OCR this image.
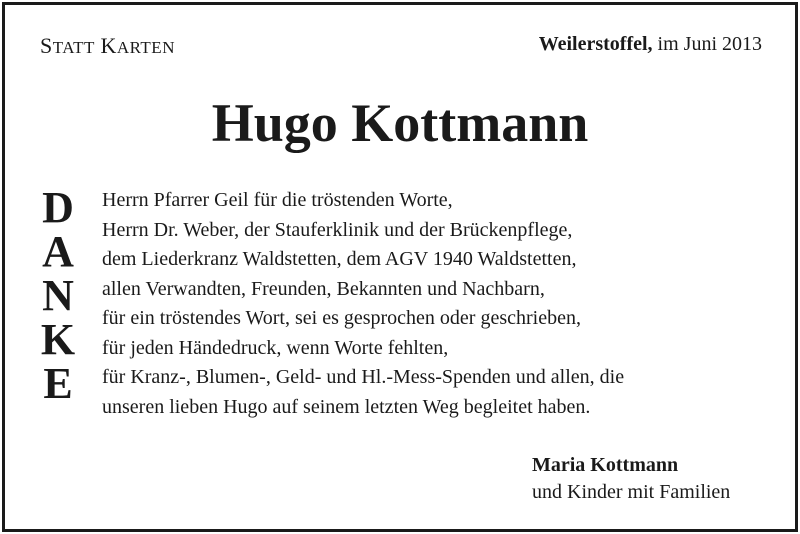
STATT KARTEN	Weilerstoffel, im Juni 2013
Hugo Kottmann
D
A
N
K
E
Herrn Pfarrer Geil für die tröstenden Worte,
Herrn Dr. Weber, der Stauferklinik und der Brückenpflege,
dem Liederkranz Waldstetten, dem AGV 1940 Waldstetten,
allen Verwandten, Freunden, Bekannten und Nachbarn,
für ein tröstendes Wort, sei es gesprochen oder geschrieben,
für jeden Händedruck, wenn Worte fehlten,
für Kranz-, Blumen-, Geld- und Hl.-Mess-Spenden und allen, die
unseren lieben Hugo auf seinem letzten Weg begleitet haben.
Maria Kottmann
und Kinder mit Familien
